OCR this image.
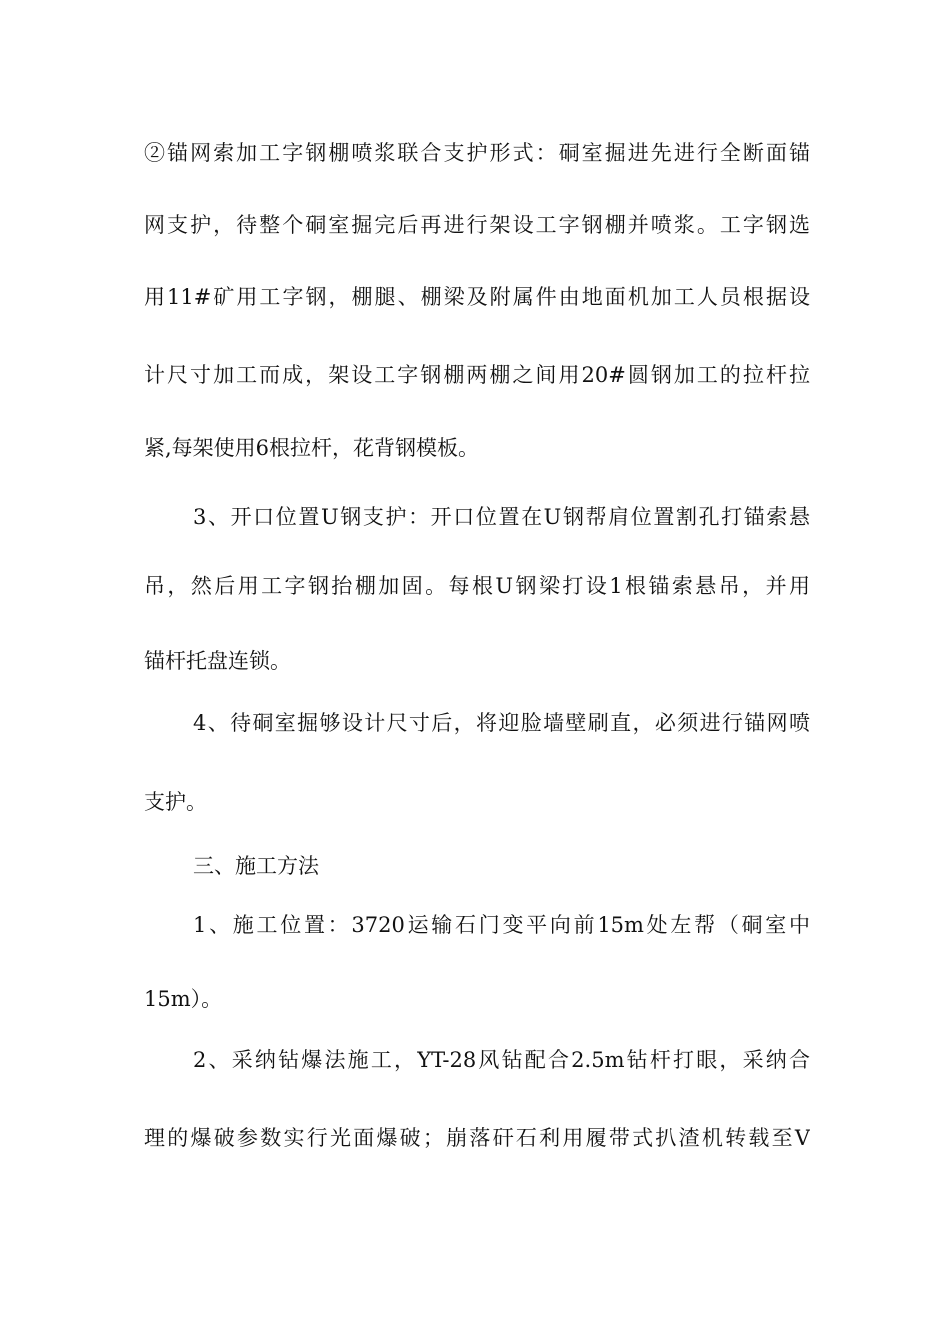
②锚网索加工字钢棚喷浆联合支护形式：硐室掘进先进行全断面锚
网支护，待整个硐室掘完后再进行架设工字钢棚并喷浆。工字钢选
用11#矿用工字钢，棚腿、棚梁及附属件由地面机加工人员根据设
计尺寸加工而成，架设工字钢棚两棚之间用20#圆钢加工的拉杆拉
紧,每架使用6根拉杆，花背钢模板。
3、开口位置U钢支护：开口位置在U钢帮肩位置割孔打锚索悬
吊，然后用工字钢抬棚加固。每根U钢梁打设1根锚索悬吊，并用
锚杆托盘连锁。
4、待硐室掘够设计尺寸后，将迎脸墙壁刷直，必须进行锚网喷
支护。
三、施工方法
1、施工位置：3720运输石门变平向前15m处左帮（硐室中
15m）。
2、采纳钻爆法施工，YT-28风钻配合2.5m钻杆打眼，采纳合
理的爆破参数实行光面爆破；崩落矸石利用履带式扒渣机转载至V
